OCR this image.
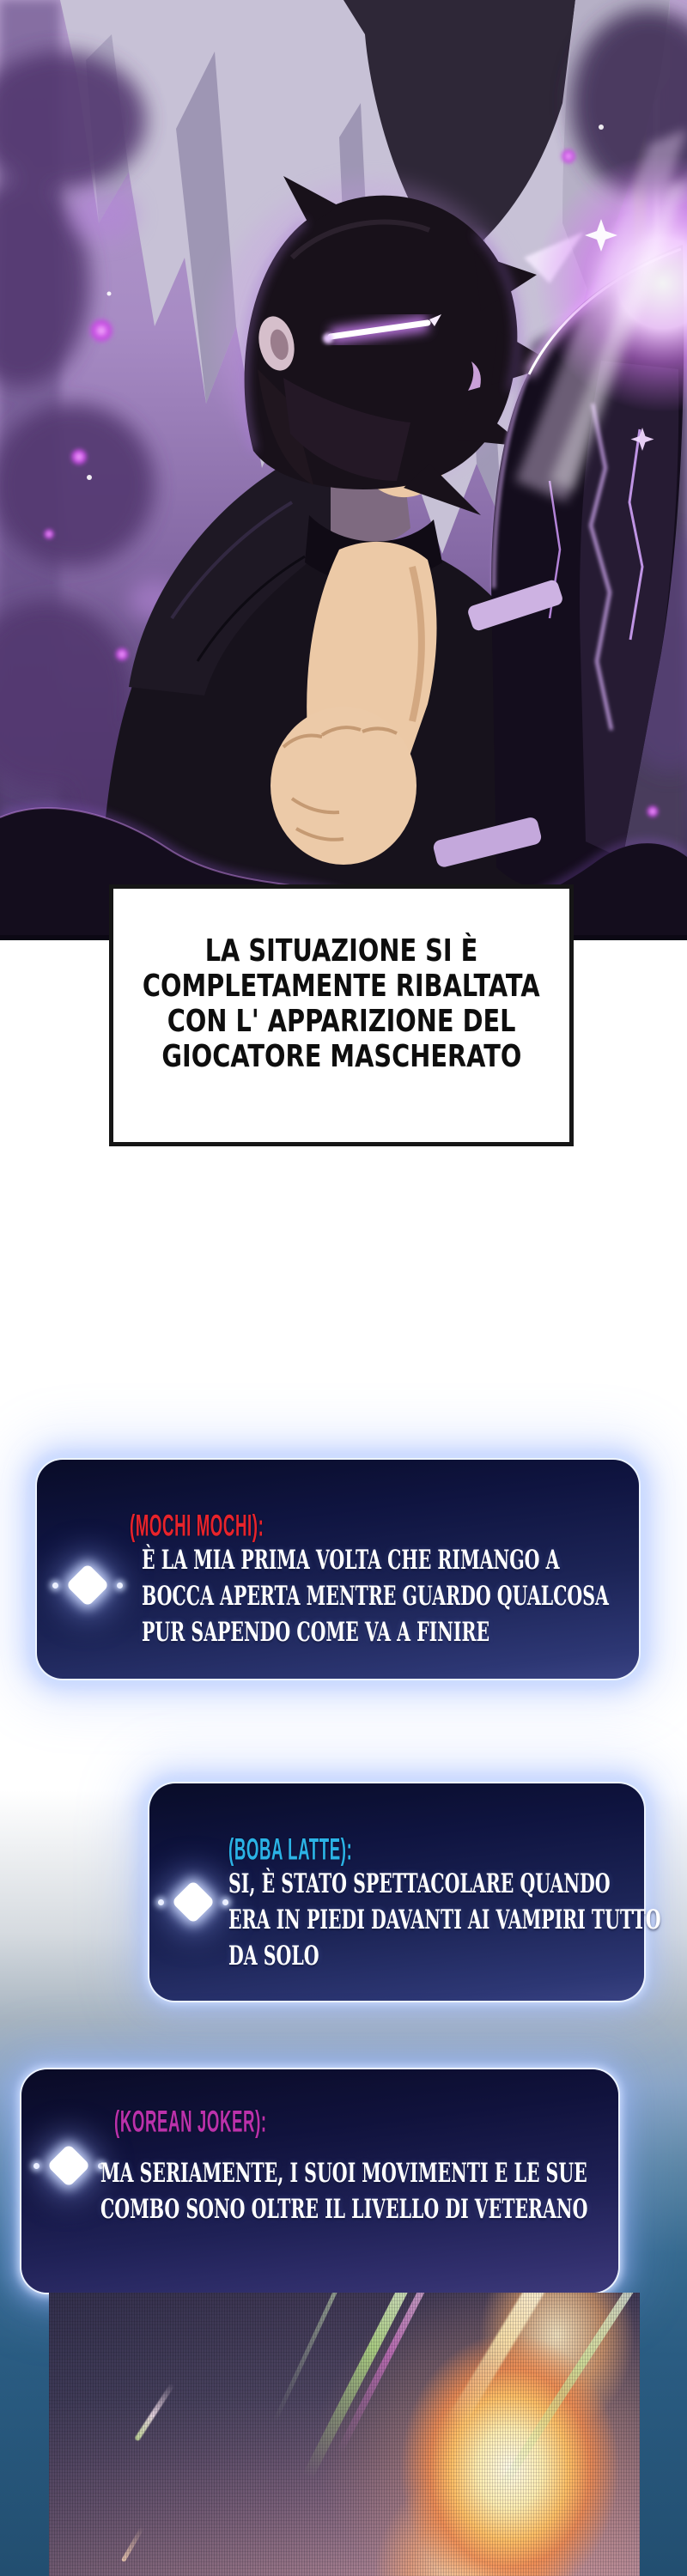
LA SITUAZIONE SI È
COMPLETAMENTE RIBALTATA
CON L' APPARIZIONE DEL
GIOCATORE MASCHERATO
(MOCHI MOCHI):
È LA MIA PRIMA VOLTA CHE RIMANGO A
BOCCA APERTA MENTRE GUARDO QUALCOSA
PUR SAPENDO COME VA A FINIRE
(BOBA LATTE):
SI, È STATO SPETTACOLARE QUANDO
ERA IN PIEDI DAVANTI AI VAMPIRI TUTTO
DA SOLO
(KOREAN JOKER):
MA SERIAMENTE, I SUOI MOVIMENTI E LE SUE
COMBO SONO OLTRE IL LIVELLO DI VETERANO
